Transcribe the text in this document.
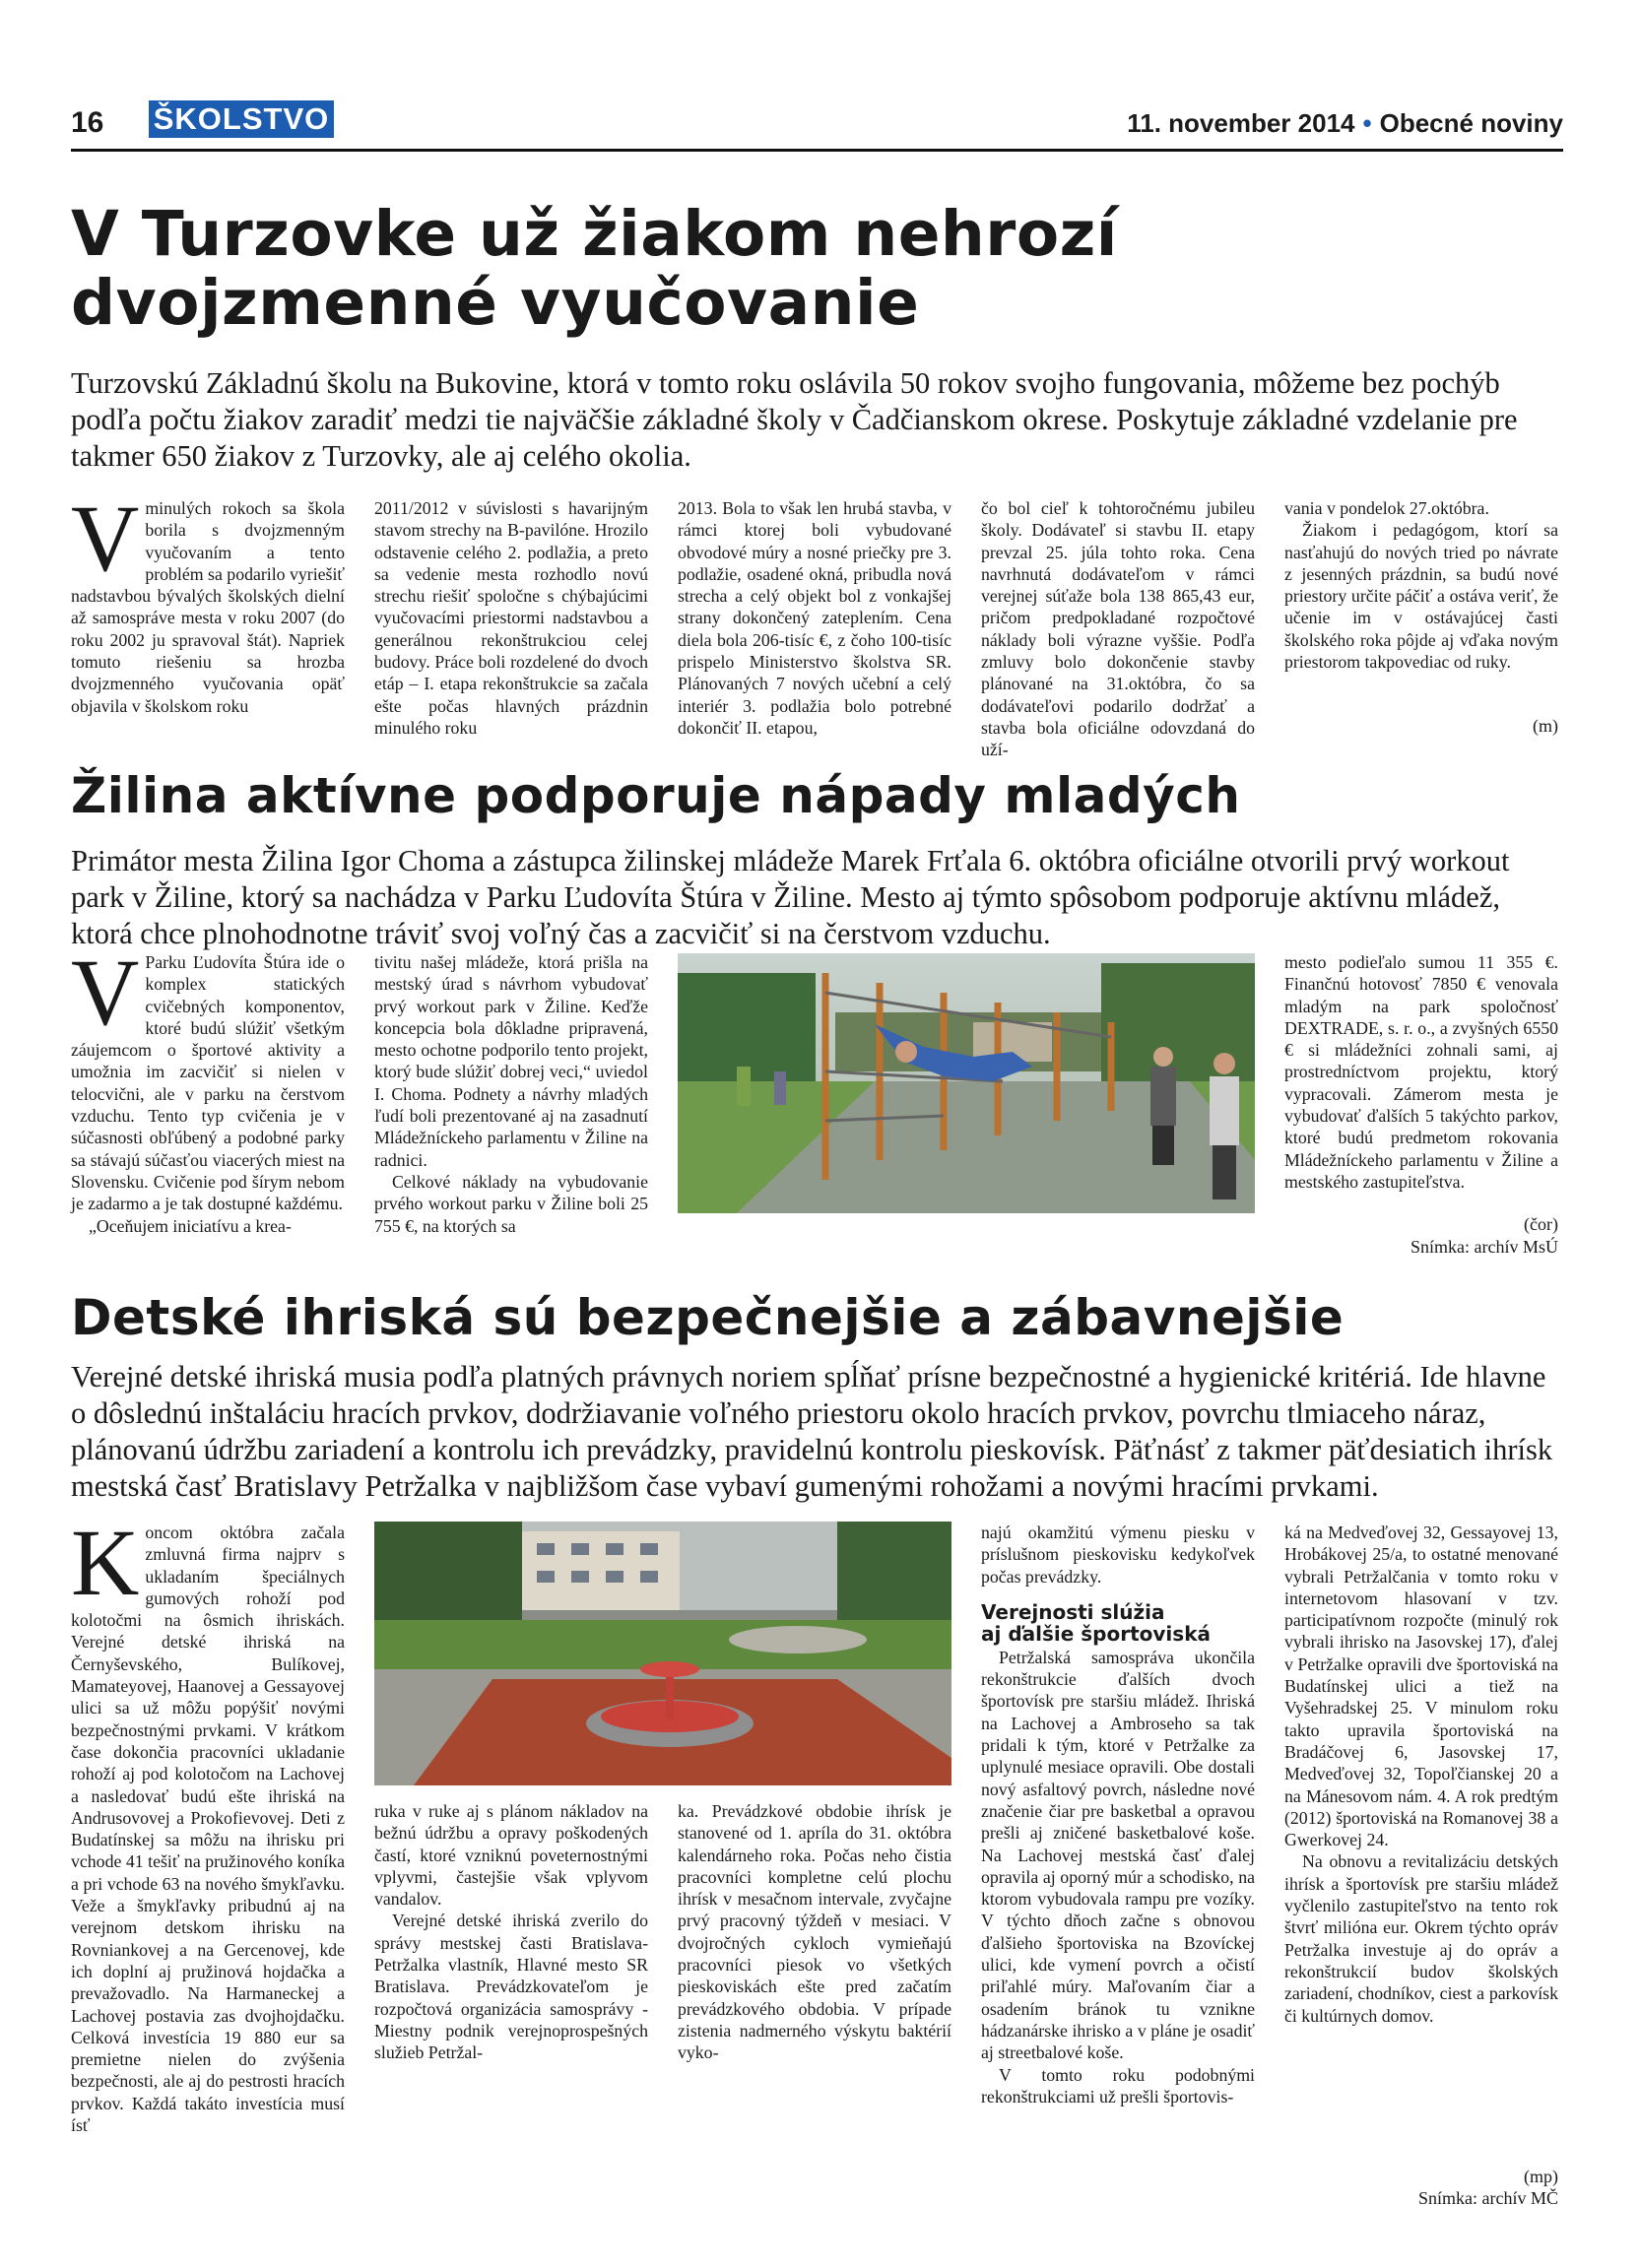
16 ŠKOLSTVO	11. november 2014 • Obecné noviny
V Turzovke už žiakom nehrozí
dvojzmenné vyučovanie
Turzovskú Základnú školu na Bukovine, ktorá v tomto roku oslávila 50 rokov svojho fungovania, môžeme bez pochýb podľa počtu žiakov zaradiť medzi tie najväčšie základné školy v Čadčianskom okrese. Poskytuje základné vzdelanie pre takmer 650 žiakov z Turzovky, ale aj celého okolia.
Vminulých rokoch sa škola borila s dvojzmenným vyučovaním a tento problém sa podarilo vyriešiť nadstavbou bývalých školských dielní až samospráve mesta v roku 2007 (do roku 2002 ju spravoval štát). Napriek tomuto riešeniu sa hrozba dvojzmenného vyučovania opäť objavila v školskom roku
2011/2012 v súvislosti s havarijným stavom strechy na B-pavilóne. Hrozilo odstavenie celého 2. podlažia, a preto sa vedenie mesta rozhodlo novú strechu riešiť spoločne s chýbajúcimi vyučovacími priestormi nadstavbou a generálnou rekonštrukciou celej budovy. Práce boli rozdelené do dvoch etáp – I. etapa rekonštrukcie sa začala ešte počas hlavných prázdnin minulého roku
2013. Bola to však len hrubá stavba, v rámci ktorej boli vybudované obvodové múry a nosné priečky pre 3. podlažie, osadené okná, pribudla nová strecha a celý objekt bol z vonkajšej strany dokončený zateplením. Cena diela bola 206-tisíc €, z čoho 100-tisíc prispelo Ministerstvo školstva SR. Plánovaných 7 nových učební a celý interiér 3. podlažia bolo potrebné dokončiť II. etapou,
čo bol cieľ k tohtoročnému jubileu školy. Dodávateľ si stavbu II. etapy prevzal 25. júla tohto roka. Cena navrhnutá dodávateľom v rámci verejnej súťaže bola 138 865,43 eur, pričom predpokladané rozpočtové náklady boli výrazne vyššie. Podľa zmluvy bolo dokončenie stavby plánované na 31.októbra, čo sa dodávateľovi podarilo dodržať a stavba bola oficiálne odovzdaná do uží-

vania v pondelok 27.októbra.

Žiakom i pedagógom, ktorí sa nasťahujú do nových tried po návrate z jesenných prázdnin, sa budú nové priestory určite páčiť a ostáva veriť, že učenie im v ostávajúcej časti školského roka pôjde aj vďaka novým priestorom takpovediac od ruky.

(m)
Žilina aktívne podporuje nápady mladých
Primátor mesta Žilina Igor Choma a zástupca žilinskej mládeže Marek Frťala 6. októbra oficiálne otvorili prvý workout park v Žiline, ktorý sa nachádza v Parku Ľudovíta Štúra v Žiline. Mesto aj týmto spôsobom podporuje aktívnu mládež, ktorá chce plnohodnotne tráviť svoj voľný čas a zacvičiť si na čerstvom vzduchu.

V Parku Ľudovíta Štúra ide o komplex statických cvičebných komponentov, ktoré budú slúžiť všetkým záujemcom o športové aktivity a umožnia im zacvičiť si nielen v telocvični, ale v parku na čerstvom vzduchu. Tento typ cvičenia je v súčasnosti obľúbený a podobné parky sa stávajú súčasťou viacerých miest na Slovensku. Cvičenie pod šírym nebom je zadarmo a je tak dostupné každému.

„Oceňujem iniciatívu a krea-

tivitu našej mládeže, ktorá prišla na mestský úrad s návrhom vybudovať prvý workout park v Žiline. Keďže koncepcia bola dôkladne pripravená, mesto ochotne podporilo tento projekt, ktorý bude slúžiť dobrej veci,“ uviedol I. Choma. Podnety a návrhy mladých ľudí boli prezentované aj na zasadnutí Mládežníckeho parlamentu v Žiline na radnici.

Celkové náklady na vybudovanie prvého workout parku v Žiline boli 25 755 €, na ktorých sa

mesto podieľalo sumou 11 355 €. Finančnú hotovosť 7850 € venovala mladým na park spoločnosť DEXTRADE, s. r. o., a zvyšných 6550 € si mládežníci zohnali sami, aj prostredníctvom projektu, ktorý vypracovali. Zámerom mesta je vybudovať ďalších 5 takýchto parkov, ktoré budú predmetom rokovania Mládežníckeho parlamentu v Žiline a mestského zastupiteľstva.
(čor)
Snímka: archív MsÚ
Detské ihriská sú bezpečnejšie a zábavnejšie
Verejné detské ihriská musia podľa platných právnych noriem spĺňať prísne bezpečnostné a hygienické kritériá. Ide hlavne o dôslednú inštaláciu hracích prvkov, dodržiavanie voľného priestoru okolo hracích prvkov, povrchu tlmiaceho náraz, plánovanú údržbu zariadení a kontrolu ich prevádzky, pravidelnú kontrolu pieskovísk. Päťnásť z takmer päťdesiatich ihrísk mestská časť Bratislavy Petržalka v najbližšom čase vybaví gumenými rohožami a novými hracími prvkami.
Koncom októbra začala zmluvná firma najprv s ukladaním špeciálnych gumových rohoží pod kolotočmi na ôsmich ihriskách. Verejné detské ihriská na Černyševského, Bulíkovej, Mamateyovej, Haanovej a Gessayovej ulici sa už môžu popýšiť novými bezpečnostnými prvkami. V krátkom čase dokončia pracovníci ukladanie rohoží aj pod kolotočom na Lachovej a nasledovať budú ešte ihriská na Andrusovovej a Prokofievovej. Deti z Budatínskej sa môžu na ihrisku pri vchode 41 tešiť na pružinového koníka a pri vchode 63 na nového šmykľavku. Veže a šmykľavky pribudnú aj na verejnom detskom ihrisku na Rovniankovej a na Gercenovej, kde ich doplní aj pružinová hojdačka a prevažovadlo. Na Harmaneckej a Lachovej postavia zas dvojhojdačku. Celková investícia 19 880 eur sa premietne nielen do zvýšenia bezpečnosti, ale aj do pestrosti hracích prvkov. Každá takáto investícia musí ísť

ruka v ruke aj s plánom nákladov na bežnú údržbu a opravy poškodených častí, ktoré vzniknú poveternostnými vplyvmi, častejšie však vplyvom vandalov.

Verejné detské ihriská zverilo do správy mestskej časti Bratislava-Petržalka vlastník, Hlavné mesto SR Bratislava. Prevádzkovateľom je rozpočtová organizácia samosprávy - Miestny podnik verejnoprospešných služieb Petržal-

ka. Prevádzkové obdobie ihrísk je stanovené od 1. apríla do 31. októbra kalendárneho roka. Počas neho čistia pracovníci kompletne celú plochu ihrísk v mesačnom intervale, zvyčajne prvý pracovný týždeň v mesiaci. V dvojročných cykloch vymieňajú pracovníci piesok vo všetkých pieskoviskách ešte pred začatím prevádzkového obdobia. V prípade zistenia nadmerného výskytu baktérií vyko-

najú okamžitú výmenu piesku v príslušnom pieskovisku kedykoľvek počas prevádzky.

Verejnosti slúžia
aj ďalšie športoviská

Petržalská samospráva ukončila rekonštrukcie ďalších dvoch športovísk pre staršiu mládež. Ihriská na Lachovej a Ambroseho sa tak pridali k tým, ktoré v Petržalke za uplynulé mesiace opravili. Obe dostali nový asfaltový povrch, následne nové značenie čiar pre basketbal a opravou prešli aj zničené basketbalové koše. Na Lachovej mestská časť ďalej opravila aj oporný múr a schodisko, na ktorom vybudovala rampu pre vozíky. V týchto dňoch začne s obnovou ďalšieho športoviska na Bzovíckej ulici, kde vymení povrch a očistí priľahlé múry. Maľovaním čiar a osadením bránok tu vznikne hádzanárske ihrisko a v pláne je osadiť aj streetbalové koše.

V tomto roku podobnými rekonštrukciami už prešli športovis-

ká na Medveďovej 32, Gessayovej 13, Hrobákovej 25/a, to ostatné menované vybrali Petržalčania v tomto roku v internetovom hlasovaní v tzv. participatívnom rozpočte (minulý rok vybrali ihrisko na Jasovskej 17), ďalej v Petržalke opravili dve športoviská na Budatínskej ulici a tiež na Vyšehradskej 25. V minulom roku takto upravila športoviská na Bradáčovej 6, Jasovskej 17, Medveďovej 32, Topoľčianskej 20 a na Mánesovom nám. 4. A rok predtým (2012) športoviská na Romanovej 38 a Gwerkovej 24.

Na obnovu a revitalizáciu detských ihrísk a športovísk pre staršiu mládež vyčlenilo zastupiteľstvo na tento rok štvrť milióna eur. Okrem týchto opráv Petržalka investuje aj do opráv a rekonštrukcií budov školských zariadení, chodníkov, ciest a parkovísk či kultúrnych domov.

(mp)
Snímka: archív MČ
